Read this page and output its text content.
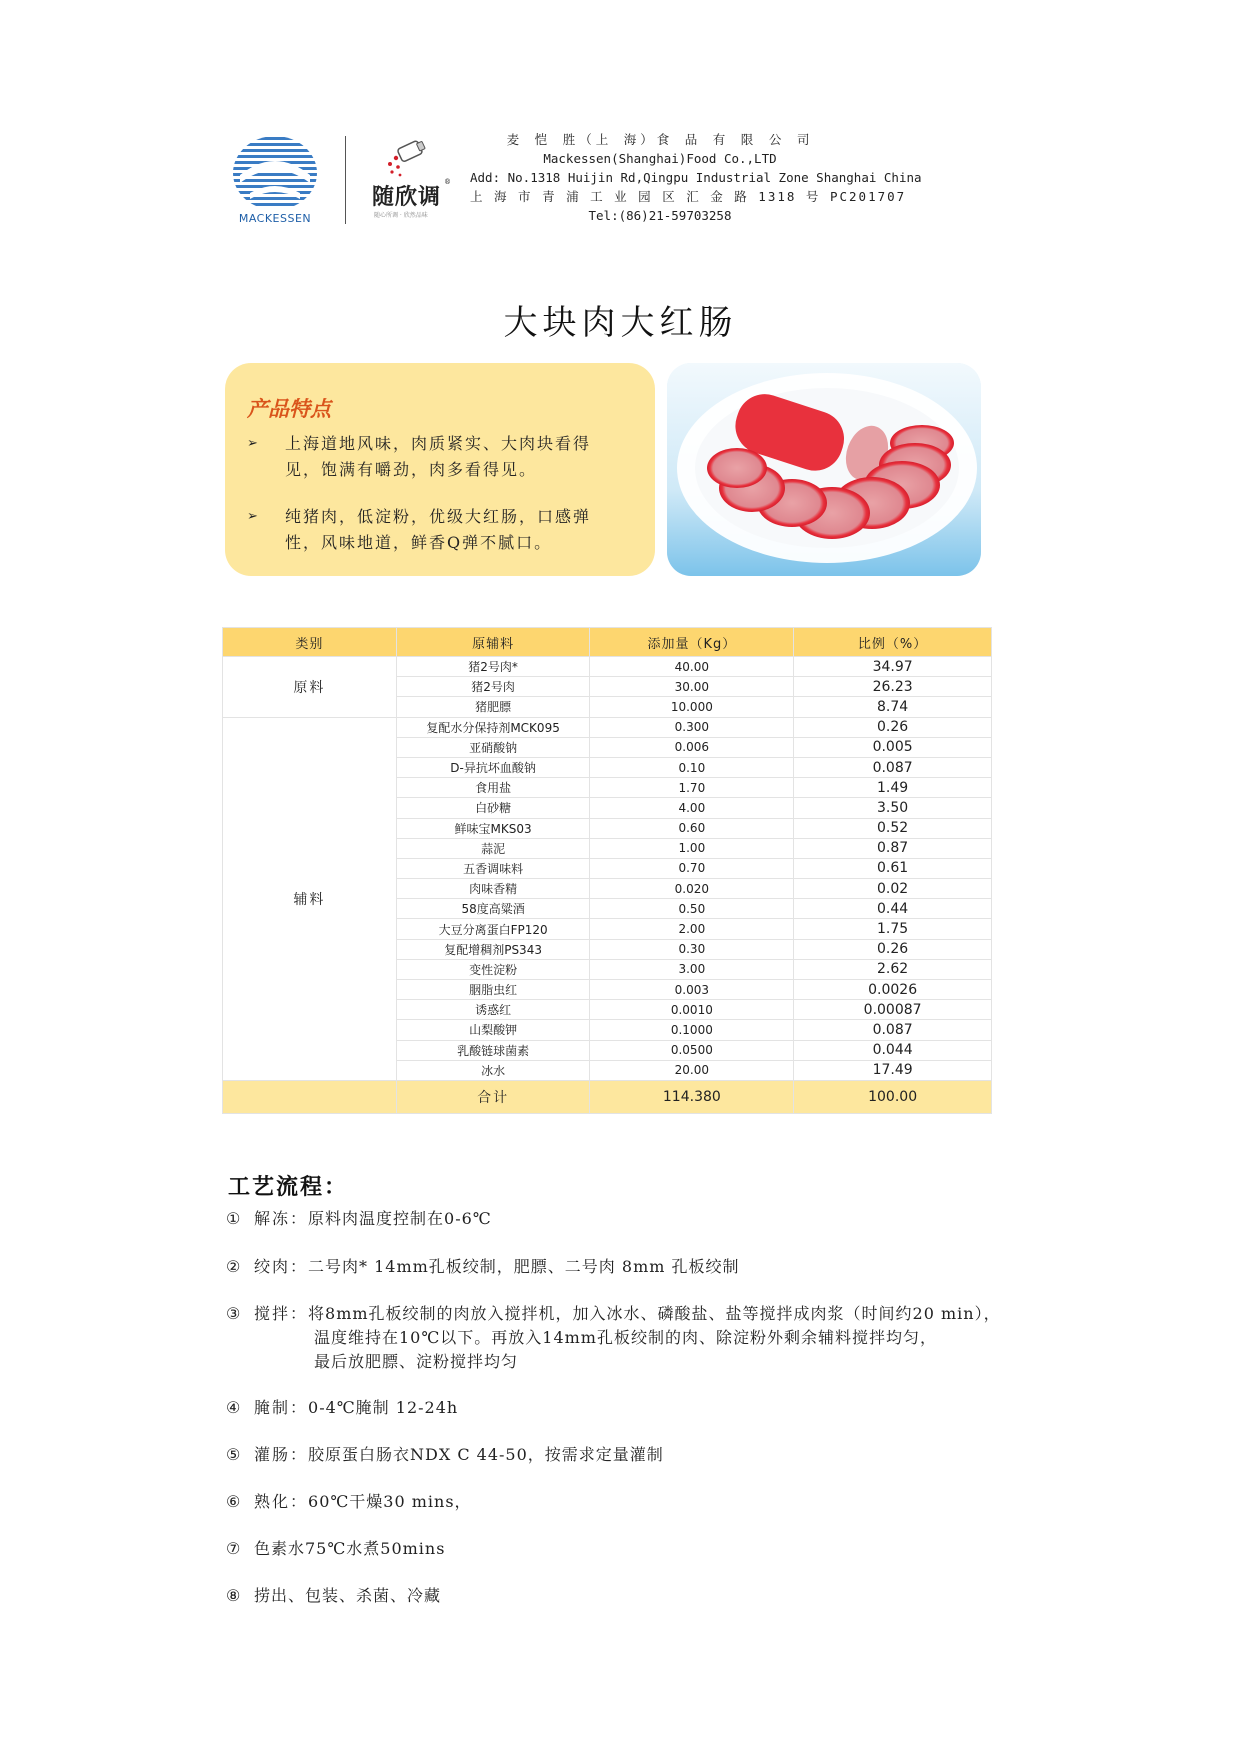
MACKESSEN
随欣调
®
随心所调 · 欣然品味
麦 恺 胜（上 海）食 品 有 限 公 司
Mackessen(Shanghai)Food Co.,LTD
Add: No.1318 Huijin Rd,Qingpu Industrial Zone Shanghai China
上 海 市 青 浦 工 业 园 区 汇 金 路 1318 号 PC201707
Tel:(86)21-59703258
大块肉大红肠
产品特点
➢ 上海道地风味，肉质紧实、大肉块看得
见，饱满有嚼劲，肉多看得见。
➢ 纯猪肉，低淀粉，优级大红肠，口感弹
性，风味地道，鲜香Q弹不腻口。
类别	原辅料	添加量（Kg）	比例（%）
原料	猪2号肉*	40.00	34.97
	猪2号肉	30.00	26.23
	猪肥膘	10.000	8.74
辅料	复配水分保持剂MCK095	0.300	0.26
	亚硝酸钠	0.006	0.005
	D-异抗坏血酸钠	0.10	0.087
	食用盐	1.70	1.49
	白砂糖	4.00	3.50
	鲜味宝MKS03	0.60	0.52
	蒜泥	1.00	0.87
	五香调味料	0.70	0.61
	肉味香精	0.020	0.02
	58度高粱酒	0.50	0.44
	大豆分离蛋白FP120	2.00	1.75
	复配增稠剂PS343	0.30	0.26
	变性淀粉	3.00	2.62
	胭脂虫红	0.003	0.0026
	诱惑红	0.0010	0.00087
	山梨酸钾	0.1000	0.087
	乳酸链球菌素	0.0500	0.044
	冰水	20.00	17.49
	合计	114.380	100.00
工艺流程：
① 解冻：原料肉温度控制在0-6℃
② 绞肉：二号肉* 14mm孔板绞制，肥膘、二号肉 8mm 孔板绞制
③ 搅拌：将8mm孔板绞制的肉放入搅拌机，加入冰水、磷酸盐、盐等搅拌成肉浆（时间约20 min），
温度维持在10℃以下。再放入14mm孔板绞制的肉、除淀粉外剩余辅料搅拌均匀，
最后放肥膘、淀粉搅拌均匀
④ 腌制：0-4℃腌制 12-24h
⑤ 灌肠：胶原蛋白肠衣NDX C 44-50，按需求定量灌制
⑥ 熟化：60℃干燥30 mins，
⑦ 色素水75℃水煮50mins
⑧ 捞出、包装、杀菌、冷藏
